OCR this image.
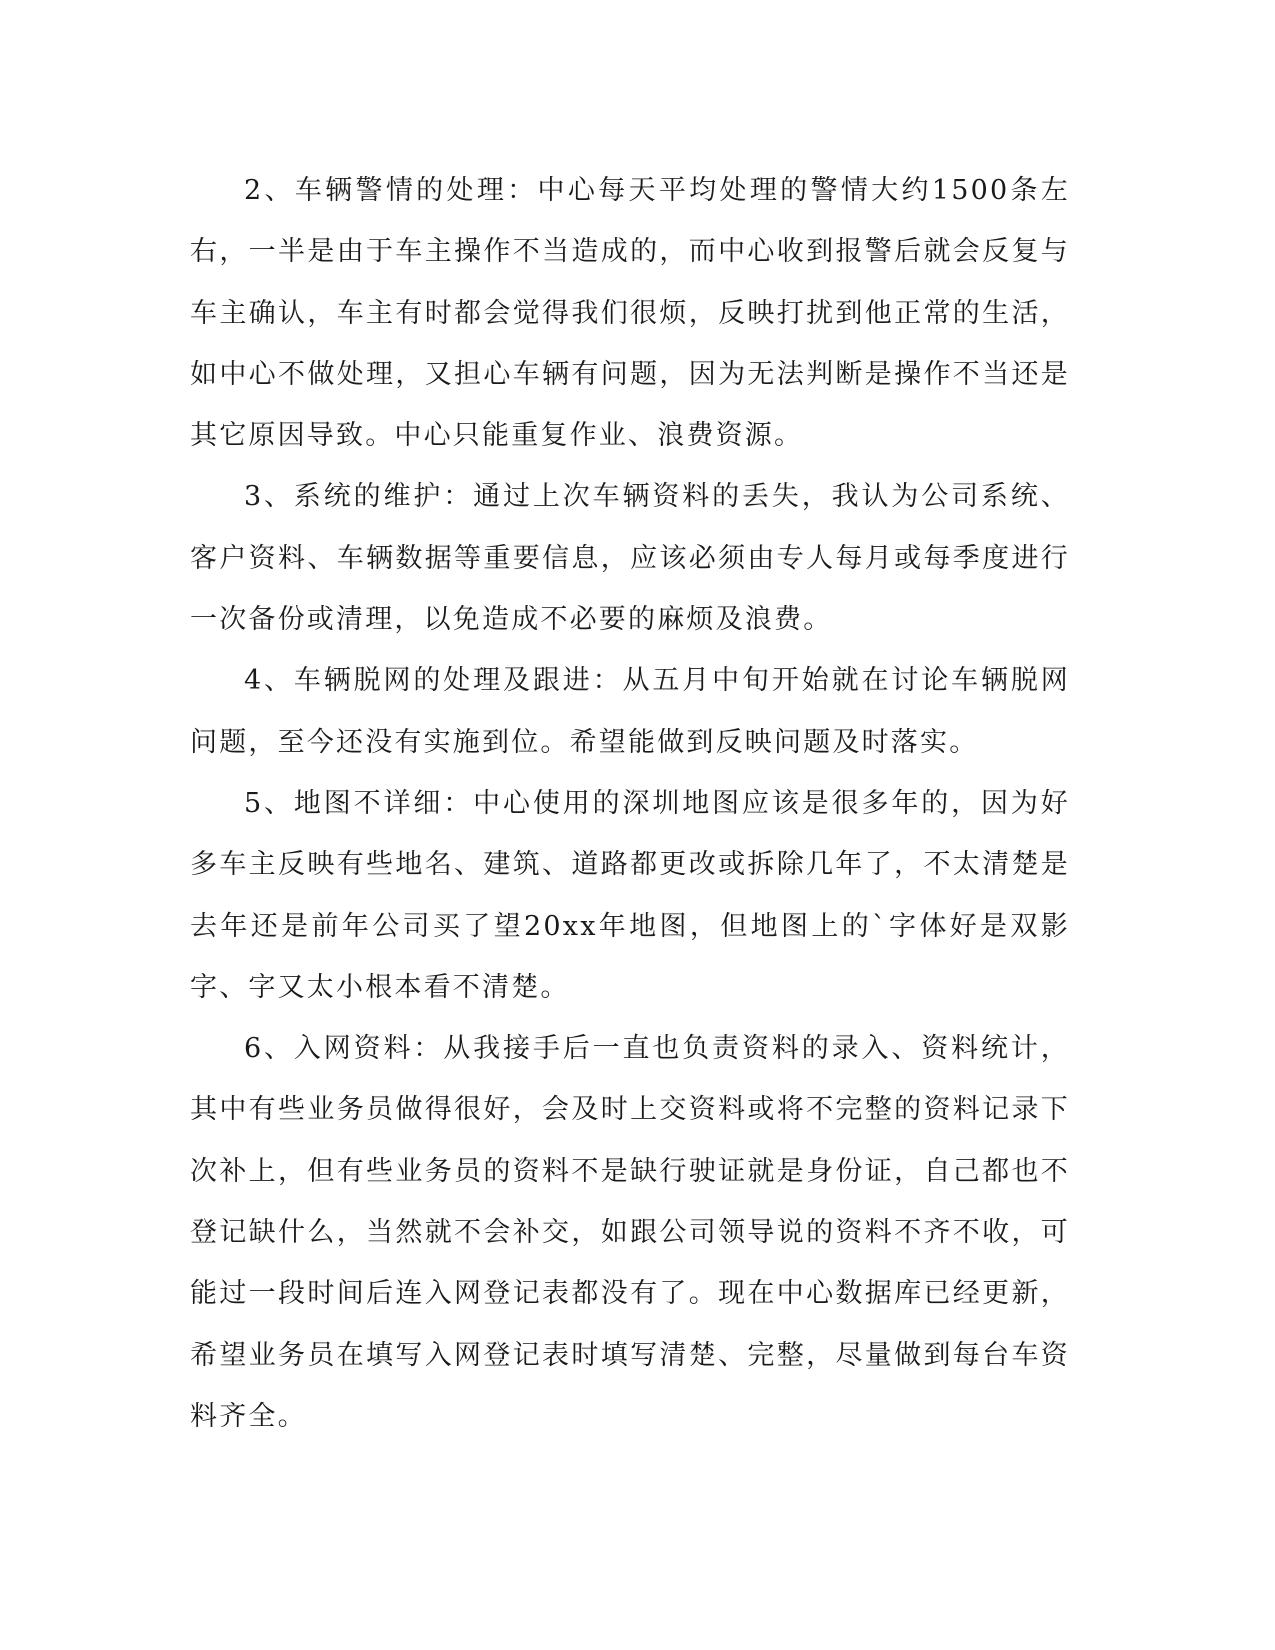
2、车辆警情的处理：中心每天平均处理的警情大约1500条左右，一半是由于车主操作不当造成的，而中心收到报警后就会反复与车主确认，车主有时都会觉得我们很烦，反映打扰到他正常的生活，如中心不做处理，又担心车辆有问题，因为无法判断是操作不当还是其它原因导致。中心只能重复作业、浪费资源。

3、系统的维护：通过上次车辆资料的丢失，我认为公司系统、客户资料、车辆数据等重要信息，应该必须由专人每月或每季度进行一次备份或清理，以免造成不必要的麻烦及浪费。

4、车辆脱网的处理及跟进：从五月中旬开始就在讨论车辆脱网问题，至今还没有实施到位。希望能做到反映问题及时落实。

5、地图不详细：中心使用的深圳地图应该是很多年的，因为好多车主反映有些地名、建筑、道路都更改或拆除几年了，不太清楚是去年还是前年公司买了望20xx年地图，但地图上的`字体好是双影字、字又太小根本看不清楚。

6、入网资料：从我接手后一直也负责资料的录入、资料统计，其中有些业务员做得很好，会及时上交资料或将不完整的资料记录下次补上，但有些业务员的资料不是缺行驶证就是身份证，自己都也不登记缺什么，当然就不会补交，如跟公司领导说的资料不齐不收，可能过一段时间后连入网登记表都没有了。现在中心数据库已经更新，希望业务员在填写入网登记表时填写清楚、完整，尽量做到每台车资料齐全。
